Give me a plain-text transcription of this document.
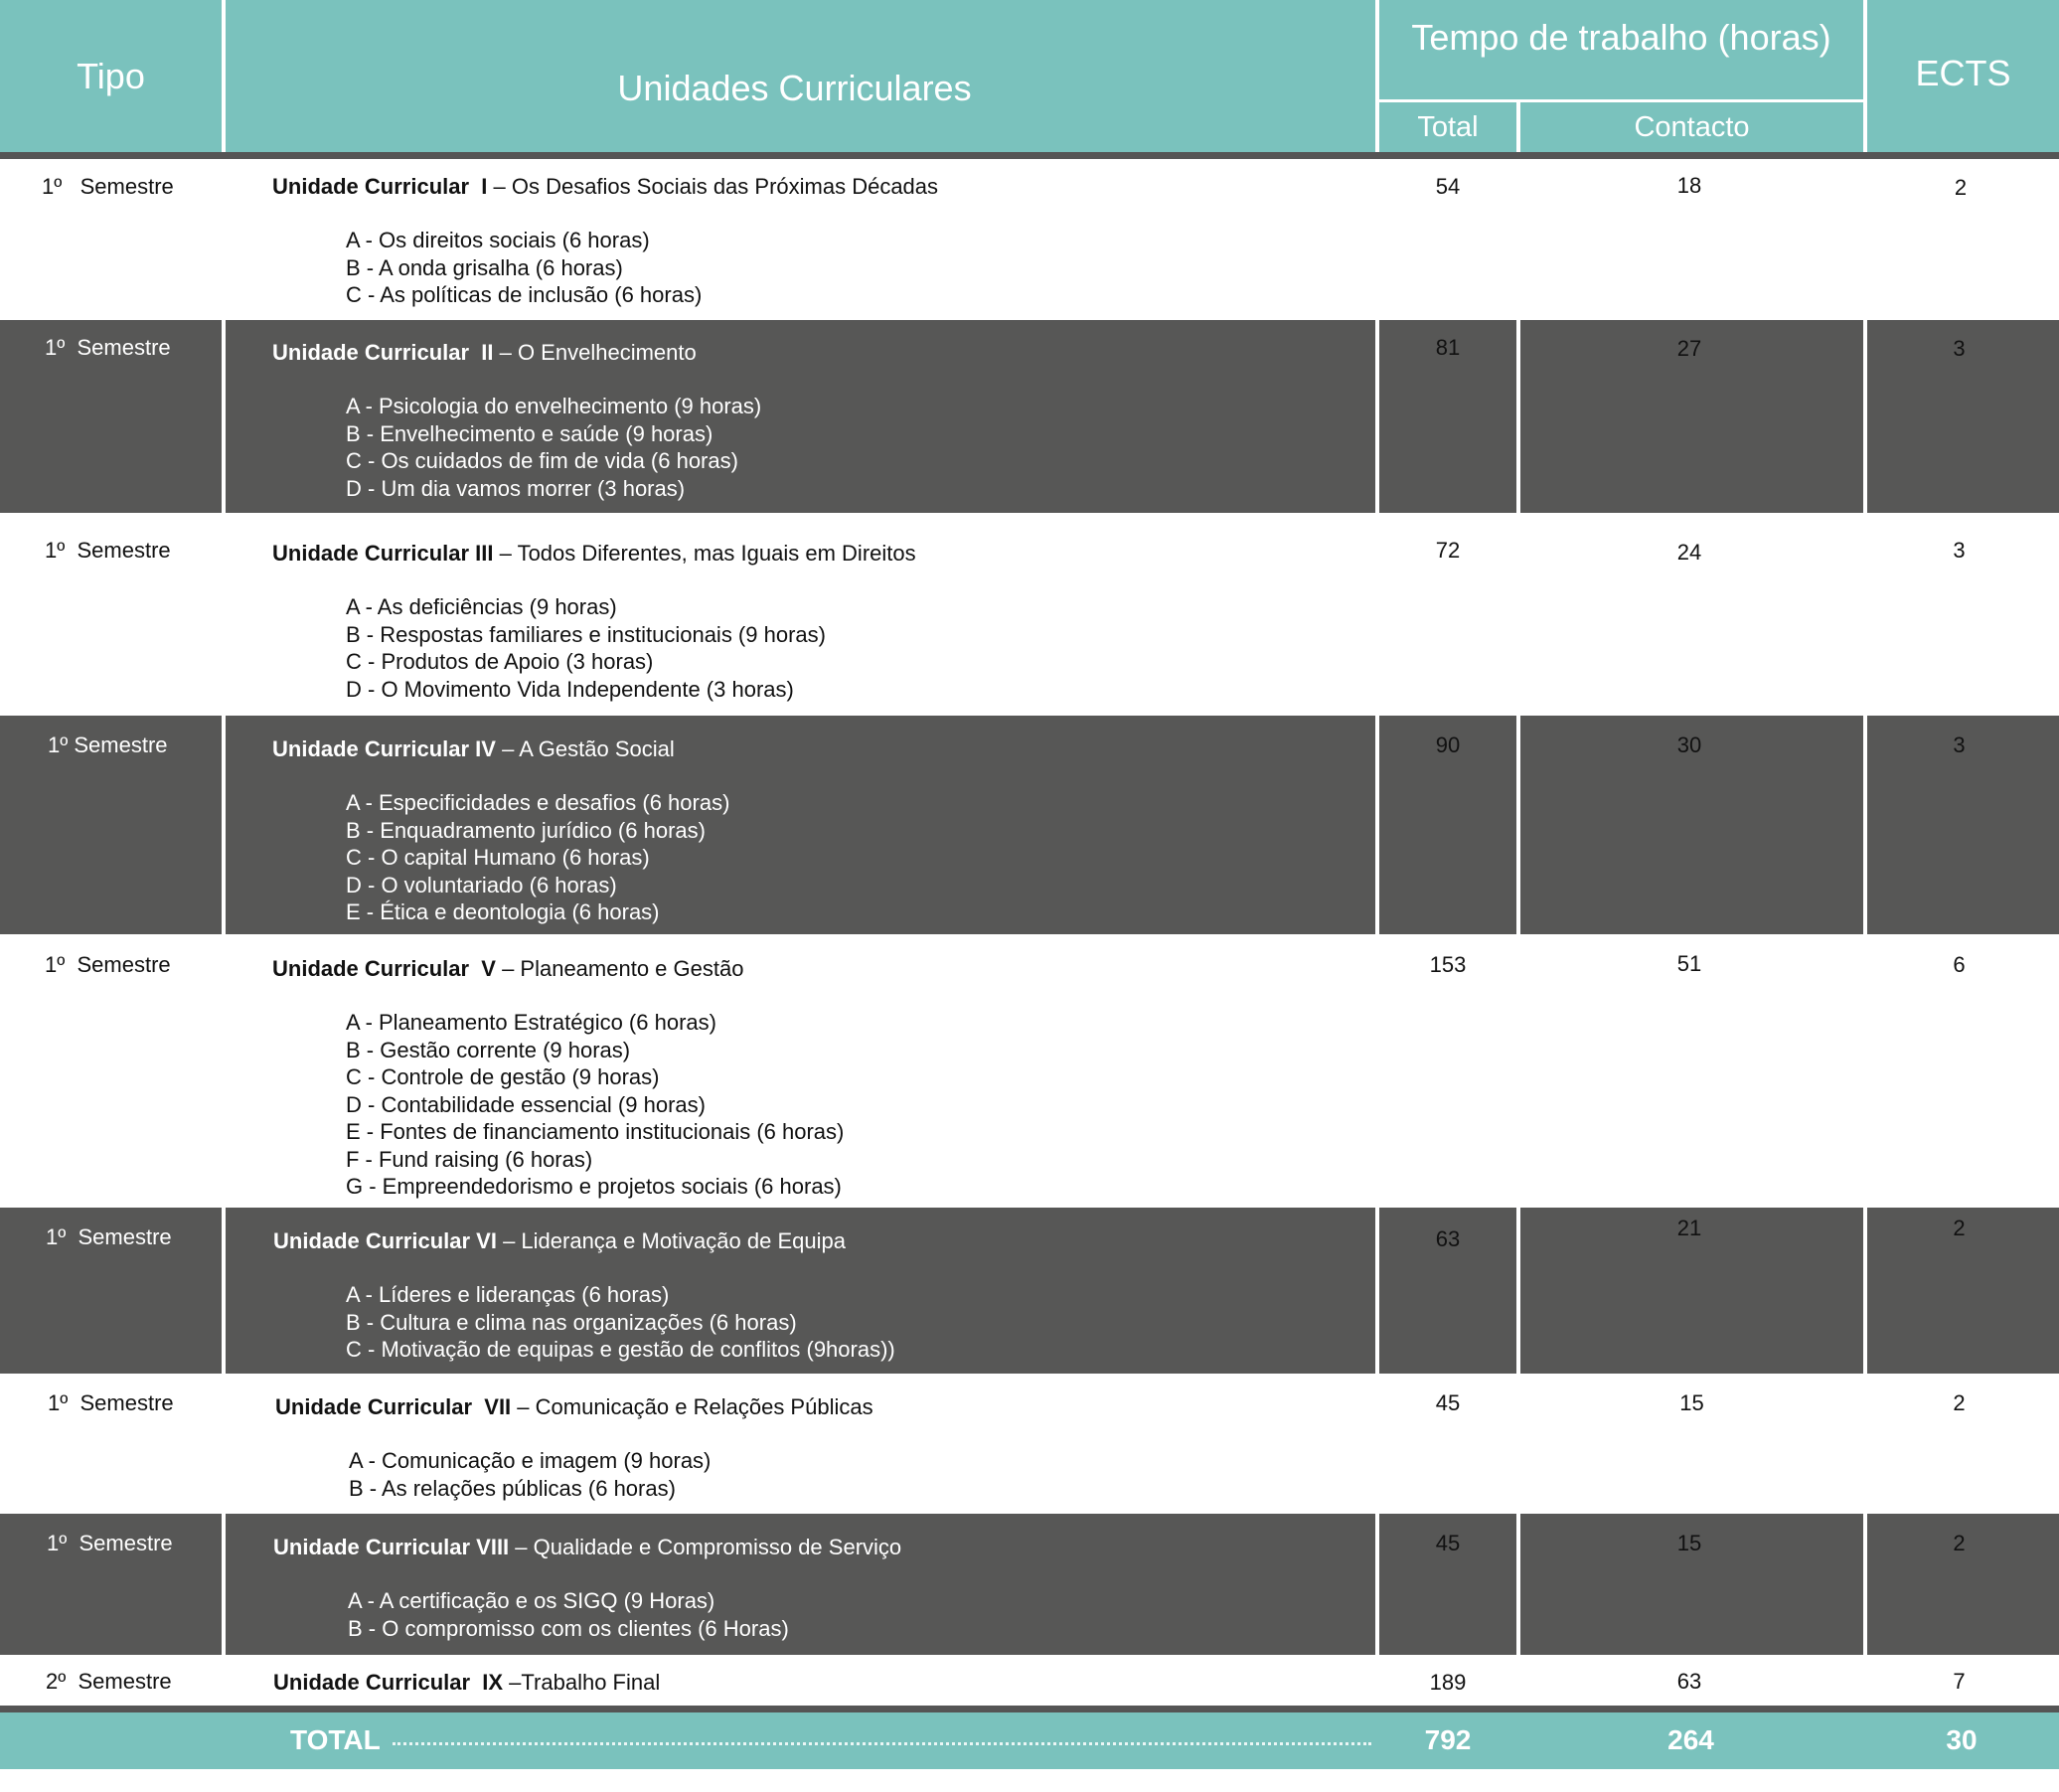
Tipo	Unidades Curriculares
Tempo de trabalho (horas)
Total	Contacto
ECTS
1º   Semestre	Unidade Curricular  I – Os Desafios Sociais das Próximas Décadas
A - Os direitos sociais (6 horas)
B - A onda grisalha (6 horas)
C - As políticas de inclusão (6 horas)
54	18	2
1º  Semestre	Unidade Curricular  II – O Envelhecimento
A - Psicologia do envelhecimento (9 horas)
B - Envelhecimento e saúde (9 horas)
C - Os cuidados de fim de vida (6 horas)
D - Um dia vamos morrer (3 horas)
81	27	3
1º  Semestre	Unidade Curricular III – Todos Diferentes, mas Iguais em Direitos
A - As deficiências (9 horas)
B - Respostas familiares e institucionais (9 horas)
C - Produtos de Apoio (3 horas)
D - O Movimento Vida Independente (3 horas)
72	24	3
1º Semestre	Unidade Curricular IV – A Gestão Social
A - Especificidades e desafios (6 horas)
B - Enquadramento jurídico (6 horas)
C - O capital Humano (6 horas)
D - O voluntariado (6 horas)
E - Ética e deontologia (6 horas)
90	30	3
1º  Semestre	Unidade Curricular  V – Planeamento e Gestão
A - Planeamento Estratégico (6 horas)
B - Gestão corrente (9 horas)
C - Controle de gestão (9 horas)
D - Contabilidade essencial (9 horas)
E - Fontes de financiamento institucionais (6 horas)
F - Fund raising (6 horas)
G - Empreendedorismo e projetos sociais (6 horas)
153	51	6
1º  Semestre	Unidade Curricular VI – Liderança e Motivação de Equipa
A - Líderes e lideranças (6 horas)
B - Cultura e clima nas organizações (6 horas)
C - Motivação de equipas e gestão de conflitos (9horas))
63	21	2
1º  Semestre	Unidade Curricular  VII – Comunicação e Relações Públicas
A - Comunicação e imagem (9 horas)
B - As relações públicas (6 horas)
45	15	2
1º  Semestre	Unidade Curricular VIII – Qualidade e Compromisso de Serviço
A - A certificação e os SIGQ (9 Horas)
B - O compromisso com os clientes (6 Horas)
45	15	2
2º  Semestre	Unidade Curricular  IX –Trabalho Final	189	63	7
TOTAL	792	264	30
